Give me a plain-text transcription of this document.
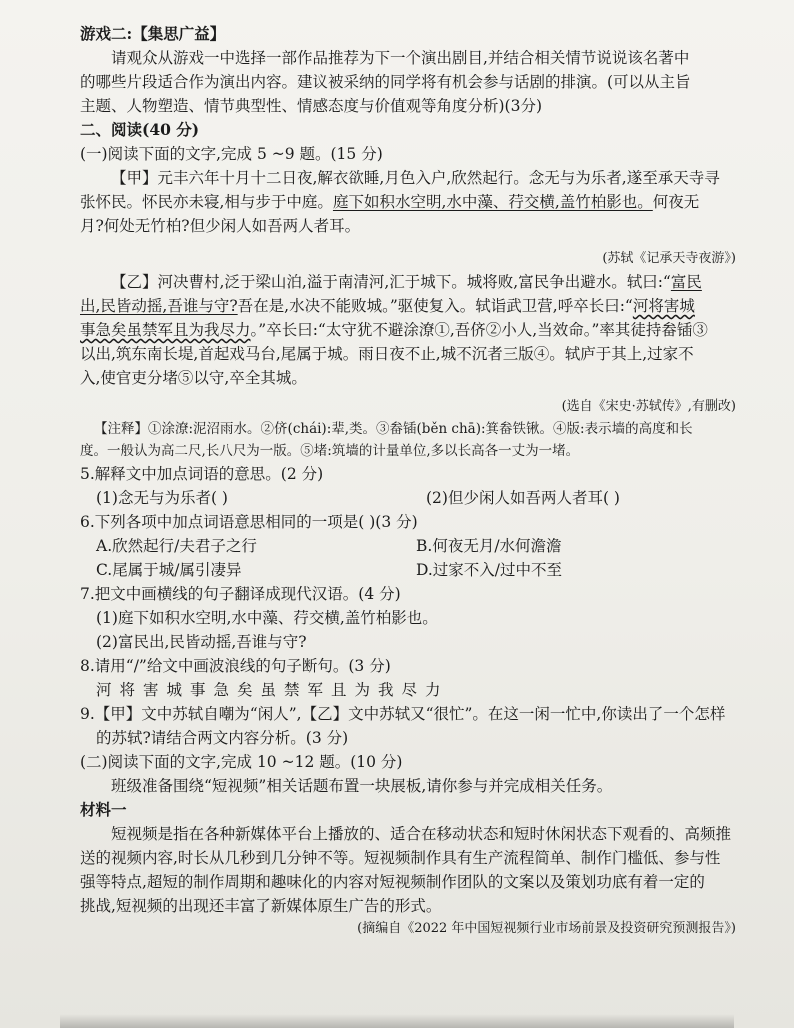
游戏二:【集思广益】
请观众从游戏一中选择一部作品推荐为下一个演出剧目,并结合相关情节说说该名著中
的哪些片段适合作为演出内容。建议被采纳的同学将有机会参与话剧的排演。(可以从主旨
主题、人物塑造、情节典型性、情感态度与价值观等角度分析)(3分)
二、阅读(40 分)
(一)阅读下面的文字,完成 5 ~9 题。(15 分)
【甲】元丰六年十月十二日夜,解衣欲睡,月色入户,欣然起行。念无与为乐者,遂至承天寺寻
张怀民。怀民亦未寝,相与步于中庭。庭下如积水空明,水中藻、荇交横,盖竹柏影也。何夜无
月?何处无竹柏?但少闲人如吾两人者耳。
(苏轼《记承天寺夜游》)
【乙】河决曹村,泛于梁山泊,溢于南清河,汇于城下。城将败,富民争出避水。轼曰:“富民
出,民皆动摇,吾谁与守?吾在是,水决不能败城。”驱使复入。轼诣武卫营,呼卒长曰:“河将害城
事急矣虽禁军且为我尽力。”卒长曰:“太守犹不避涂潦①,吾侪②小人,当效命。”率其徒持畚锸③
以出,筑东南长堤,首起戏马台,尾属于城。雨日夜不止,城不沉者三版④。轼庐于其上,过家不
入,使官吏分堵⑤以守,卒全其城。
(选自《宋史·苏轼传》,有删改)
【注释】①涂潦:泥沼雨水。②侪(chái):辈,类。③畚锸(běn chā):箕畚铁锹。④版:表示墙的高度和长
度。一般认为高二尺,长八尺为一版。⑤堵:筑墙的计量单位,多以长高各一丈为一堵。
5.解释文中加点词语的意思。(2 分)
(1)念无与为乐者( )	(2)但少闲人如吾两人者耳( )
6.下列各项中加点词语意思相同的一项是( )(3 分)
A.欣然起行/夫君子之行	B.何夜无月/水何澹澹
C.尾属于城/属引凄异	D.过家不入/过中不至
7.把文中画横线的句子翻译成现代汉语。(4 分)
(1)庭下如积水空明,水中藻、荇交横,盖竹柏影也。
(2)富民出,民皆动摇,吾谁与守?
8.请用“/”给文中画波浪线的句子断句。(3 分)
河将害城事急矣虽禁军且为我尽力
9.【甲】文中苏轼自嘲为“闲人”,【乙】文中苏轼又“很忙”。在这一闲一忙中,你读出了一个怎样
的苏轼?请结合两文内容分析。(3 分)
(二)阅读下面的文字,完成 10 ~12 题。(10 分)
班级准备围绕“短视频”相关话题布置一块展板,请你参与并完成相关任务。
材料一
短视频是指在各种新媒体平台上播放的、适合在移动状态和短时休闲状态下观看的、高频推
送的视频内容,时长从几秒到几分钟不等。短视频制作具有生产流程简单、制作门槛低、参与性
强等特点,超短的制作周期和趣味化的内容对短视频制作团队的文案以及策划功底有着一定的
挑战,短视频的出现还丰富了新媒体原生广告的形式。
(摘编自《2022 年中国短视频行业市场前景及投资研究预测报告》)
